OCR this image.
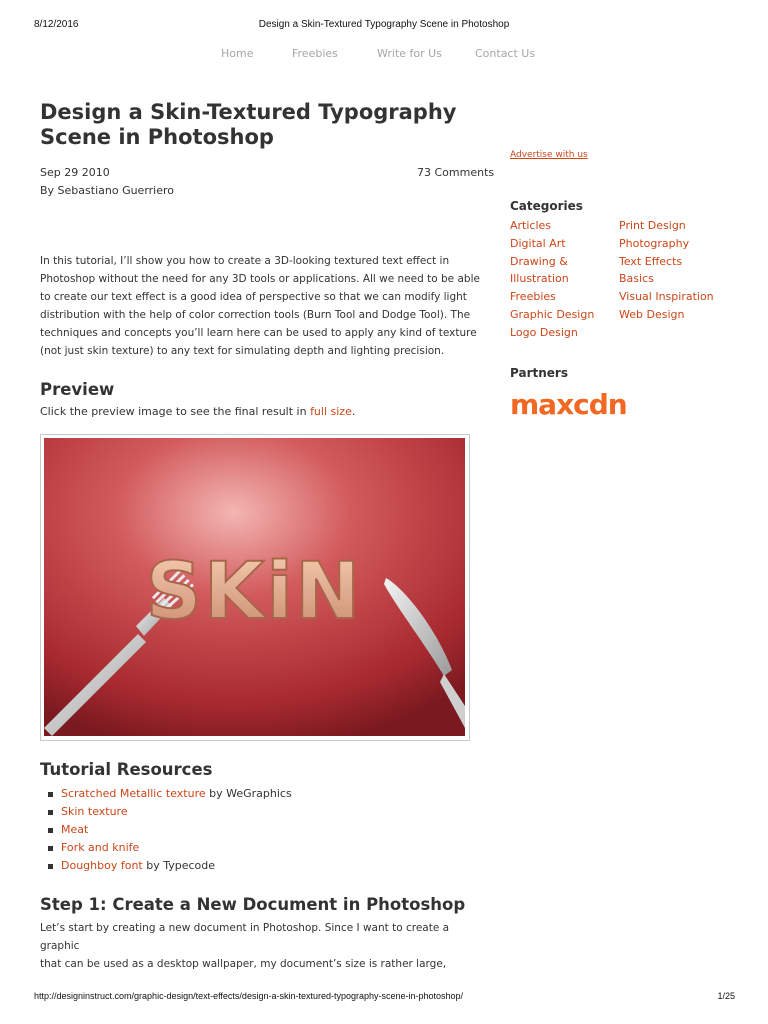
8/12/2016	Design a Skin-Textured Typography Scene in Photoshop
Home	Freebies	Write for Us	Contact Us
Design a Skin-Textured Typography
Scene in Photoshop
Sep 29 2010
By Sebastiano Guerriero
73 Comments

In this tutorial, I’ll show you how to create a 3D-looking textured text effect in
Photoshop without the need for any 3D tools or applications. All we need to be able
to create our text effect is a good idea of perspective so that we can modify light
distribution with the help of color correction tools (Burn Tool and Dodge Tool). The
techniques and concepts you’ll learn here can be used to apply any kind of texture
(not just skin texture) to any text for simulating depth and lighting precision.

Preview
Click the preview image to see the final result in full size.
SKiN
Tutorial Resources
Scratched Metallic texture by WeGraphics
Skin texture
Meat
Fork and knife
Doughboy font by Typecode
Step 1: Create a New Document in Photoshop

Let’s start by creating a new document in Photoshop. Since I want to create a graphic
that can be used as a desktop wallpaper, my document’s size is rather large,

Advertise with us
Categories
Articles
Digital Art
Drawing &
Illustration
Freebies
Graphic Design
Logo Design
Print Design
Photography
Text Effects
Basics
Visual Inspiration
Web Design
Partners
maxcdn
http://designinstruct.com/graphic-design/text-effects/design-a-skin-textured-typography-scene-in-photoshop/	1/25
